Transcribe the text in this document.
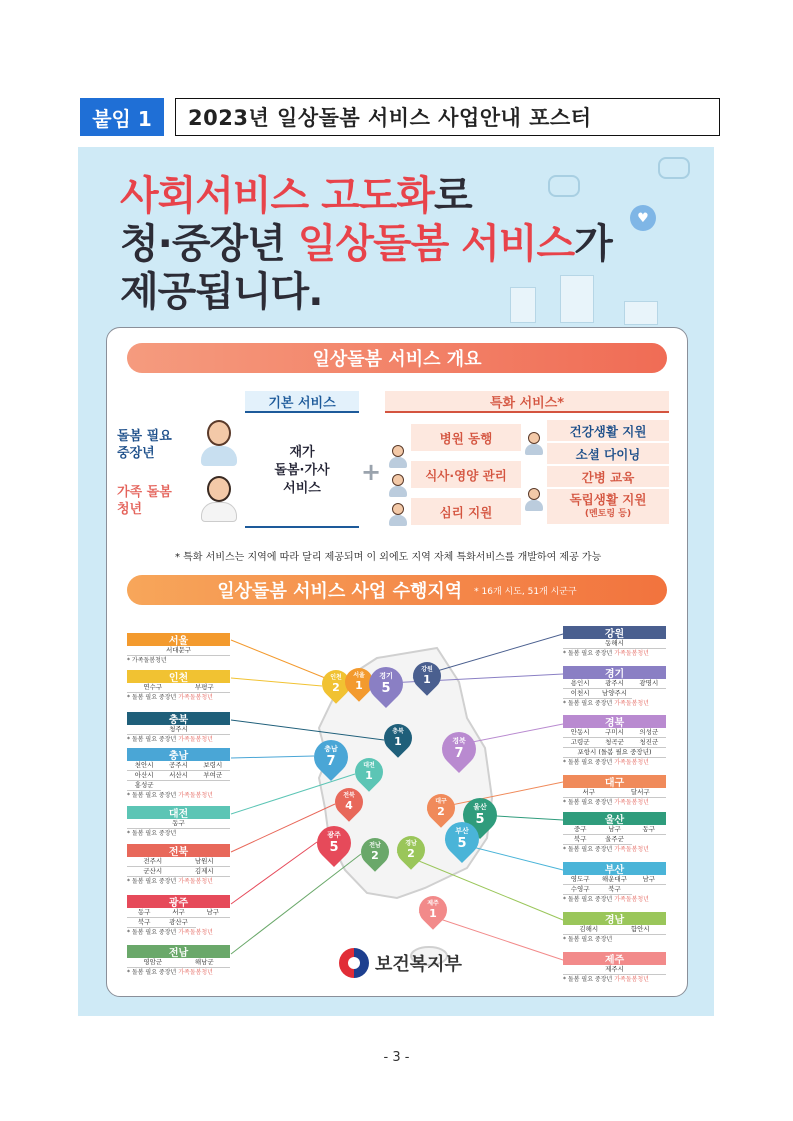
붙임 1	2023년 일상돌봄 서비스 사업안내 포스터
♥
사회서비스 고도화로
청·중장년 일상돌봄 서비스가
제공됩니다.
일상돌봄 서비스 개요
기본 서비스	특화 서비스*
돌봄 필요
중장년
가족 돌봄
청년
재가
돌봄·가사
서비스
+
병원 동행
식사·영양 관리
심리 지원
건강생활 지원
소셜 다이닝
간병 교육
독립생활 지원
(멘토링 등)
* 특화 서비스는 지역에 따라 달리 제공되며 이 외에도 지역 자체 특화서비스를 개발하여 제공 가능
일상돌봄 서비스 사업 수행지역 * 16개 시도, 51개 시군구
서울
서대문구
* 가족돌봄청년
인천
연수구	부평구
* 돌봄 필요 중장년 가족돌봄청년
충북
청주시
* 돌봄 필요 중장년 가족돌봄청년
충남
천안시	공주시	보령시
아산시	서산시	부여군
홍성군
* 돌봄 필요 중장년 가족돌봄청년
대전
동구
* 돌봄 필요 중장년
전북
전주시	남원시
군산시	김제시
* 돌봄 필요 중장년 가족돌봄청년
광주
동구	서구	남구
북구	광산구
* 돌봄 필요 중장년 가족돌봄청년
전남
영암군	해남군
* 돌봄 필요 중장년 가족돌봄청년
강원
동해시
* 돌봄 필요 중장년 가족돌봄청년
경기
용인시	광주시	광명시
이천시	남양주시
* 돌봄 필요 중장년 가족돌봄청년
경북
안동시	구미시	의성군
고령군	청곡군	청진군
포항시 (돌봄 필요 중장년)
* 돌봄 필요 중장년 가족돌봄청년
대구
서구	달서구
* 돌봄 필요 중장년 가족돌봄청년
울산
중구	남구	동구
북구	울주군
* 돌봄 필요 중장년 가족돌봄청년
부산
영도구	해운대구	남구
수영구	북구
* 돌봄 필요 중장년 가족돌봄청년
경남
김해시	함안시
* 돌봄 필요 중장년
제주
제주시
* 돌봄 필요 중장년 가족돌봄청년
인천
2
서울
1
경기
5
강원
1
충북
1
충남
7	대전
1
경북
7
전북
4	대구
2	울산
5
광주
5	전남
2
경남
2
부산
5
제주
1
보건복지부
- 3 -
